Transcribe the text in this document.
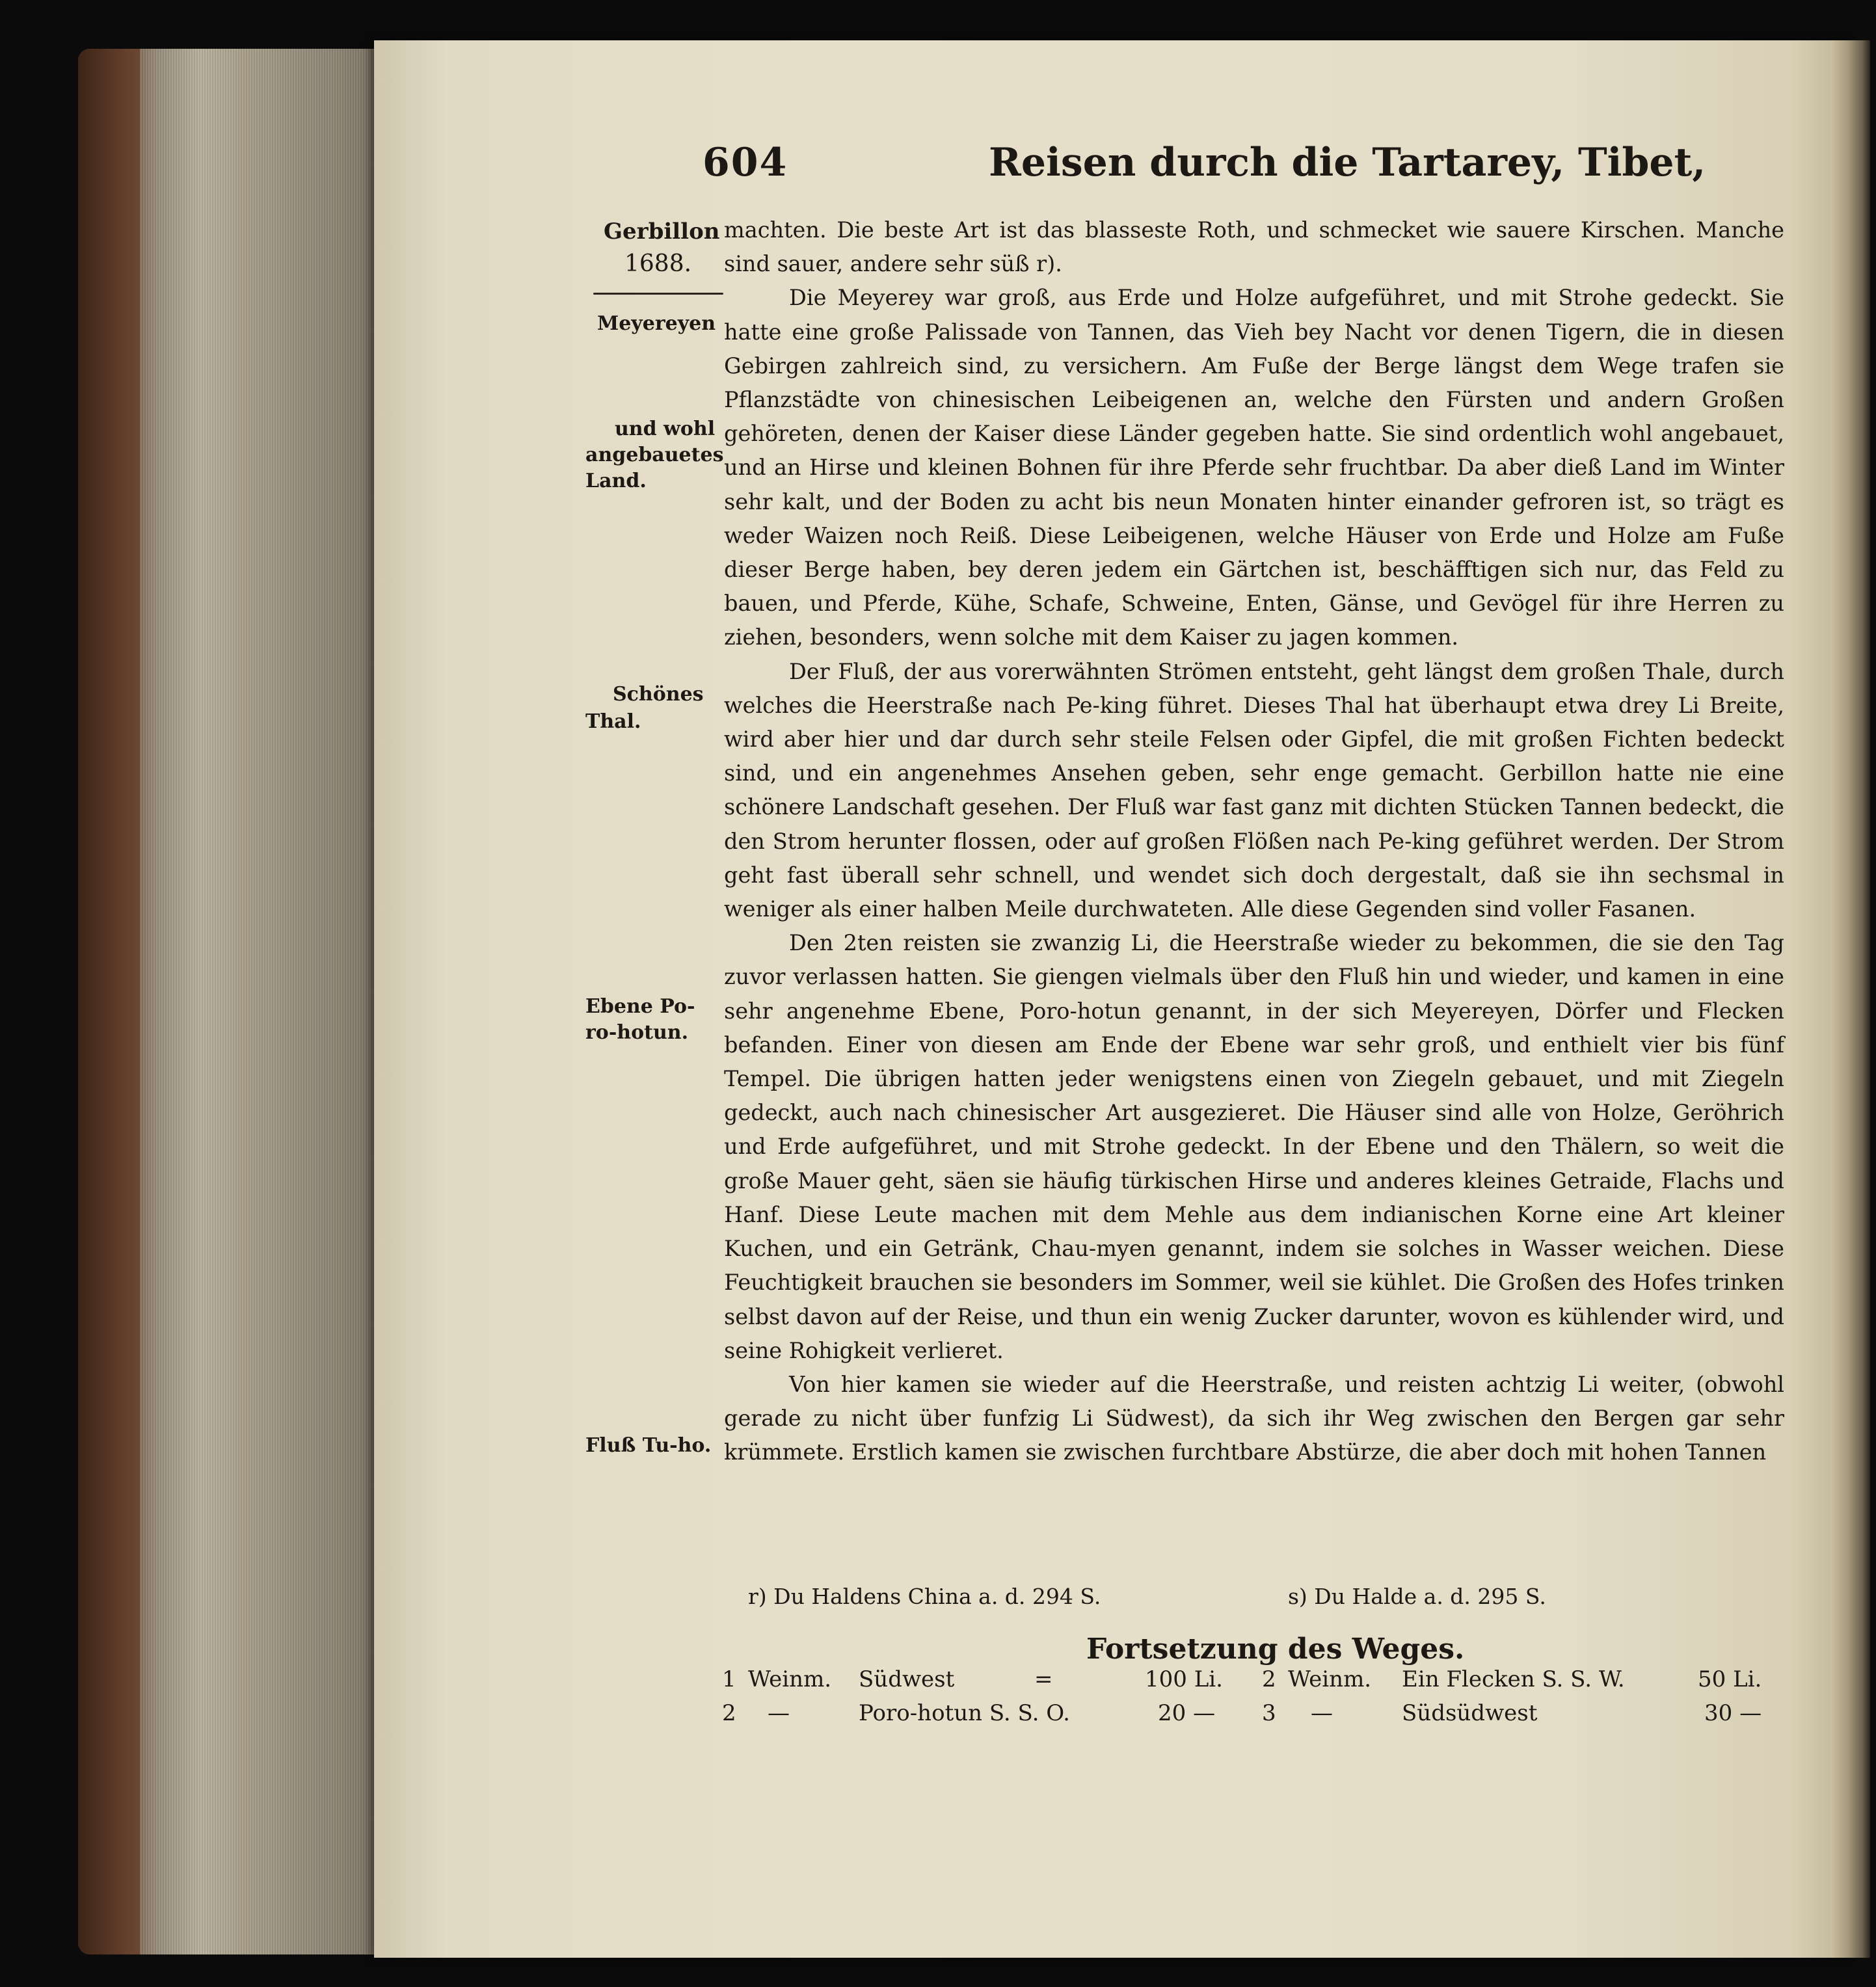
604	Reisen durch die Tartarey, Tibet,
Gerbillon
1688.
Meyereyen
und wohl
angebauetes
Land.
Schönes
Thal.
Ebene Po-
ro-hotun.
Fluß Tu-ho.

machten. Die beste Art ist das blasseste Roth, und schmecket wie sauere Kirschen. Manche sind sauer, andere sehr süß r).

Die Meyerey war groß, aus Erde und Holze aufgeführet, und mit Strohe gedeckt. Sie hatte eine große Palissade von Tannen, das Vieh bey Nacht vor denen Tigern, die in diesen Gebirgen zahlreich sind, zu versichern. Am Fuße der Berge längst dem Wege trafen sie Pflanzstädte von chinesischen Leibeigenen an, welche den Fürsten und andern Großen gehöreten, denen der Kaiser diese Länder gegeben hatte. Sie sind ordentlich wohl angebauet, und an Hirse und kleinen Bohnen für ihre Pferde sehr fruchtbar. Da aber dieß Land im Winter sehr kalt, und der Boden zu acht bis neun Monaten hinter einander gefroren ist, so trägt es weder Waizen noch Reiß. Diese Leibeigenen, welche Häuser von Erde und Holze am Fuße dieser Berge haben, bey deren jedem ein Gärtchen ist, beschäfftigen sich nur, das Feld zu bauen, und Pferde, Kühe, Schafe, Schweine, Enten, Gänse, und Gevögel für ihre Herren zu ziehen, besonders, wenn solche mit dem Kaiser zu jagen kommen.

Der Fluß, der aus vorerwähnten Strömen entsteht, geht längst dem großen Thale, durch welches die Heerstraße nach Pe-king führet. Dieses Thal hat überhaupt etwa drey Li Breite, wird aber hier und dar durch sehr steile Felsen oder Gipfel, die mit großen Fichten bedeckt sind, und ein angenehmes Ansehen geben, sehr enge gemacht. Gerbillon hatte nie eine schönere Landschaft gesehen. Der Fluß war fast ganz mit dichten Stücken Tannen bedeckt, die den Strom herunter flossen, oder auf großen Flößen nach Pe-king geführet werden. Der Strom geht fast überall sehr schnell, und wendet sich doch dergestalt, daß sie ihn sechsmal in weniger als einer halben Meile durchwateten. Alle diese Gegenden sind voller Fasanen.

Den 2ten reisten sie zwanzig Li, die Heerstraße wieder zu bekommen, die sie den Tag zuvor verlassen hatten. Sie giengen vielmals über den Fluß hin und wieder, und kamen in eine sehr angenehme Ebene, Poro-hotun genannt, in der sich Meyereyen, Dörfer und Flecken befanden. Einer von diesen am Ende der Ebene war sehr groß, und enthielt vier bis fünf Tempel. Die übrigen hatten jeder wenigstens einen von Ziegeln gebauet, und mit Ziegeln gedeckt, auch nach chinesischer Art ausgezieret. Die Häuser sind alle von Holze, Geröhrich und Erde aufgeführet, und mit Strohe gedeckt. In der Ebene und den Thälern, so weit die große Mauer geht, säen sie häufig türkischen Hirse und anderes kleines Getraide, Flachs und Hanf. Diese Leute machen mit dem Mehle aus dem indianischen Korne eine Art kleiner Kuchen, und ein Getränk, Chau-myen genannt, indem sie solches in Wasser weichen. Diese Feuchtigkeit brauchen sie besonders im Sommer, weil sie kühlet. Die Großen des Hofes trinken selbst davon auf der Reise, und thun ein wenig Zucker darunter, wovon es kühlender wird, und seine Rohigkeit verlieret.

Von hier kamen sie wieder auf die Heerstraße, und reisten achtzig Li weiter, (obwohl gerade zu nicht über funfzig Li Südwest), da sich ihr Weg zwischen den Bergen gar sehr krümmete. Erstlich kamen sie zwischen furchtbare Abstürze, die aber doch mit hohen Tannen

r) Du Haldens China a. d. 294 S.	s) Du Halde a. d. 295 S.
Fortsetzung des Weges.
1 Weinm. Südwest	=	100 Li. 2 Weinm. Ein Flecken S. S. W.	50 Li.
2 —	Poro-hotun S. S. O.	20 — 3 —	Südsüdwest	30 —
